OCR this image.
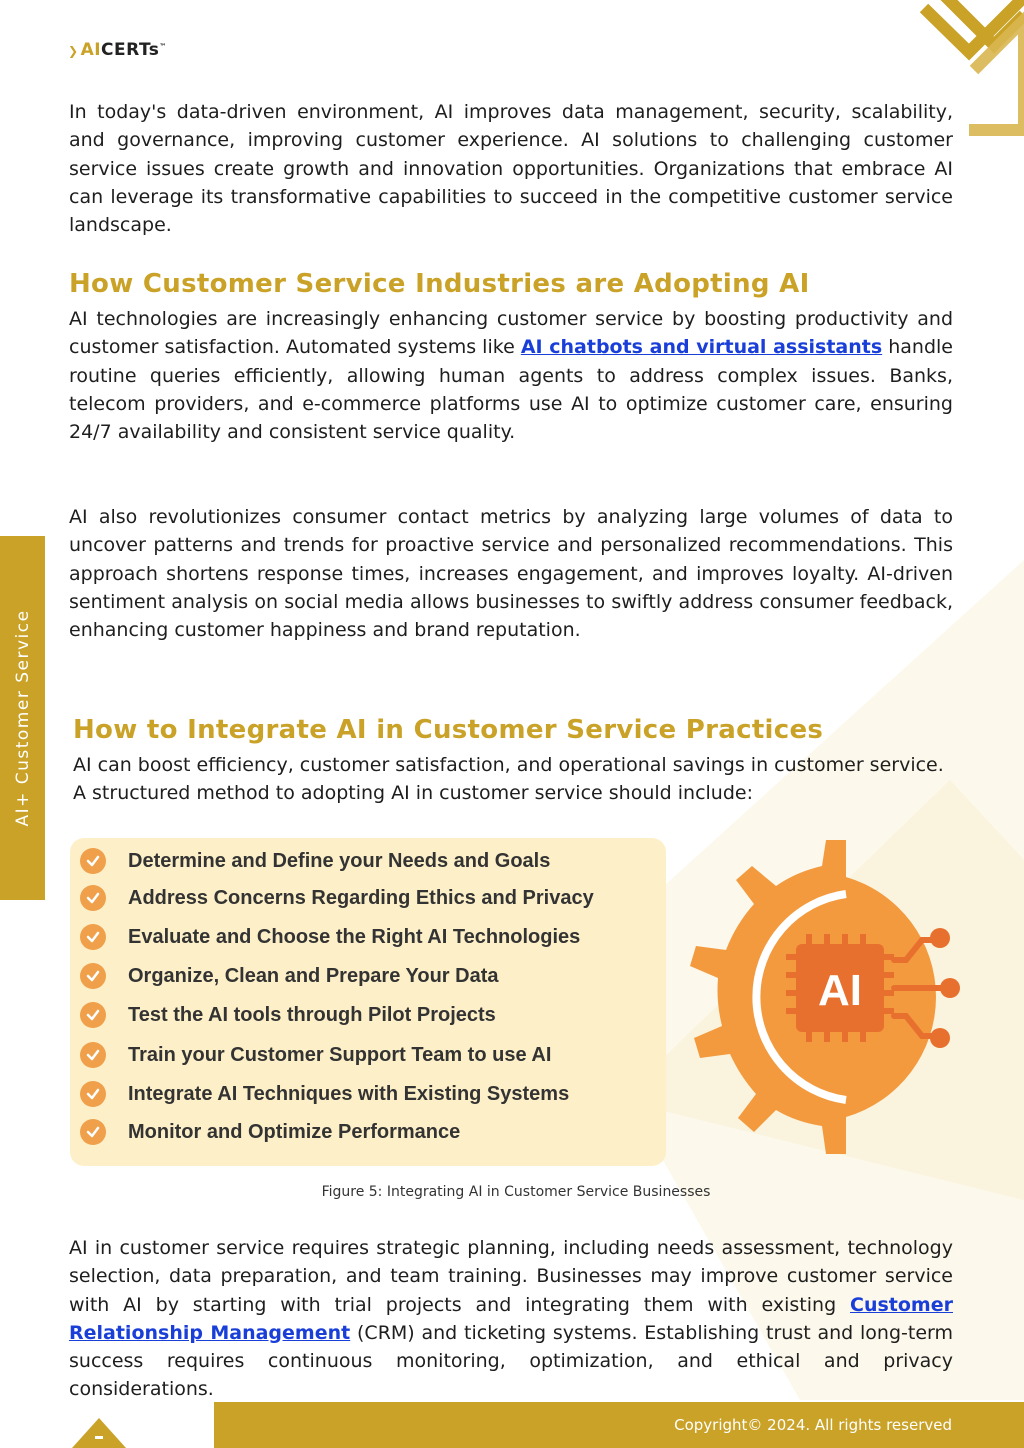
❯ AICERTs™
AI+ Customer Service
In today's data-driven environment, AI improves data management, security, scalability, and governance, improving customer experience. AI solutions to challenging customer service issues create growth and innovation opportunities. Organizations that embrace AI can leverage its transformative capabilities to succeed in the competitive customer service landscape.
How Customer Service Industries are Adopting AI
AI technologies are increasingly enhancing customer service by boosting productivity and customer satisfaction. Automated systems like AI chatbots and virtual assistants handle routine queries efficiently, allowing human agents to address complex issues. Banks, telecom providers, and e-commerce platforms use AI to optimize customer care, ensuring 24/7 availability and consistent service quality.
AI also revolutionizes consumer contact metrics by analyzing large volumes of data to uncover patterns and trends for proactive service and personalized recommendations. This approach shortens response times, increases engagement, and improves loyalty. AI-driven sentiment analysis on social media allows businesses to swiftly address consumer feedback, enhancing customer happiness and brand reputation.
How to Integrate AI in Customer Service Practices
AI can boost efficiency, customer satisfaction, and operational savings in customer service. A structured method to adopting AI in customer service should include:
Determine and Define your Needs and Goals
Address Concerns Regarding Ethics and Privacy
Evaluate and Choose the Right AI Technologies
Organize, Clean and Prepare Your Data
Test the AI tools through Pilot Projects
Train your Customer Support Team to use AI
Integrate AI Techniques with Existing Systems
Monitor and Optimize Performance
AI
Figure 5: Integrating AI in Customer Service Businesses
AI in customer service requires strategic planning, including needs assessment, technology selection, data preparation, and team training. Businesses may improve customer service with AI by starting with trial projects and integrating them with existing Customer Relationship Management (CRM) and ticketing systems. Establishing trust and long-term success requires continuous monitoring, optimization, and ethical and privacy considerations.
Copyright© 2024. All rights reserved
